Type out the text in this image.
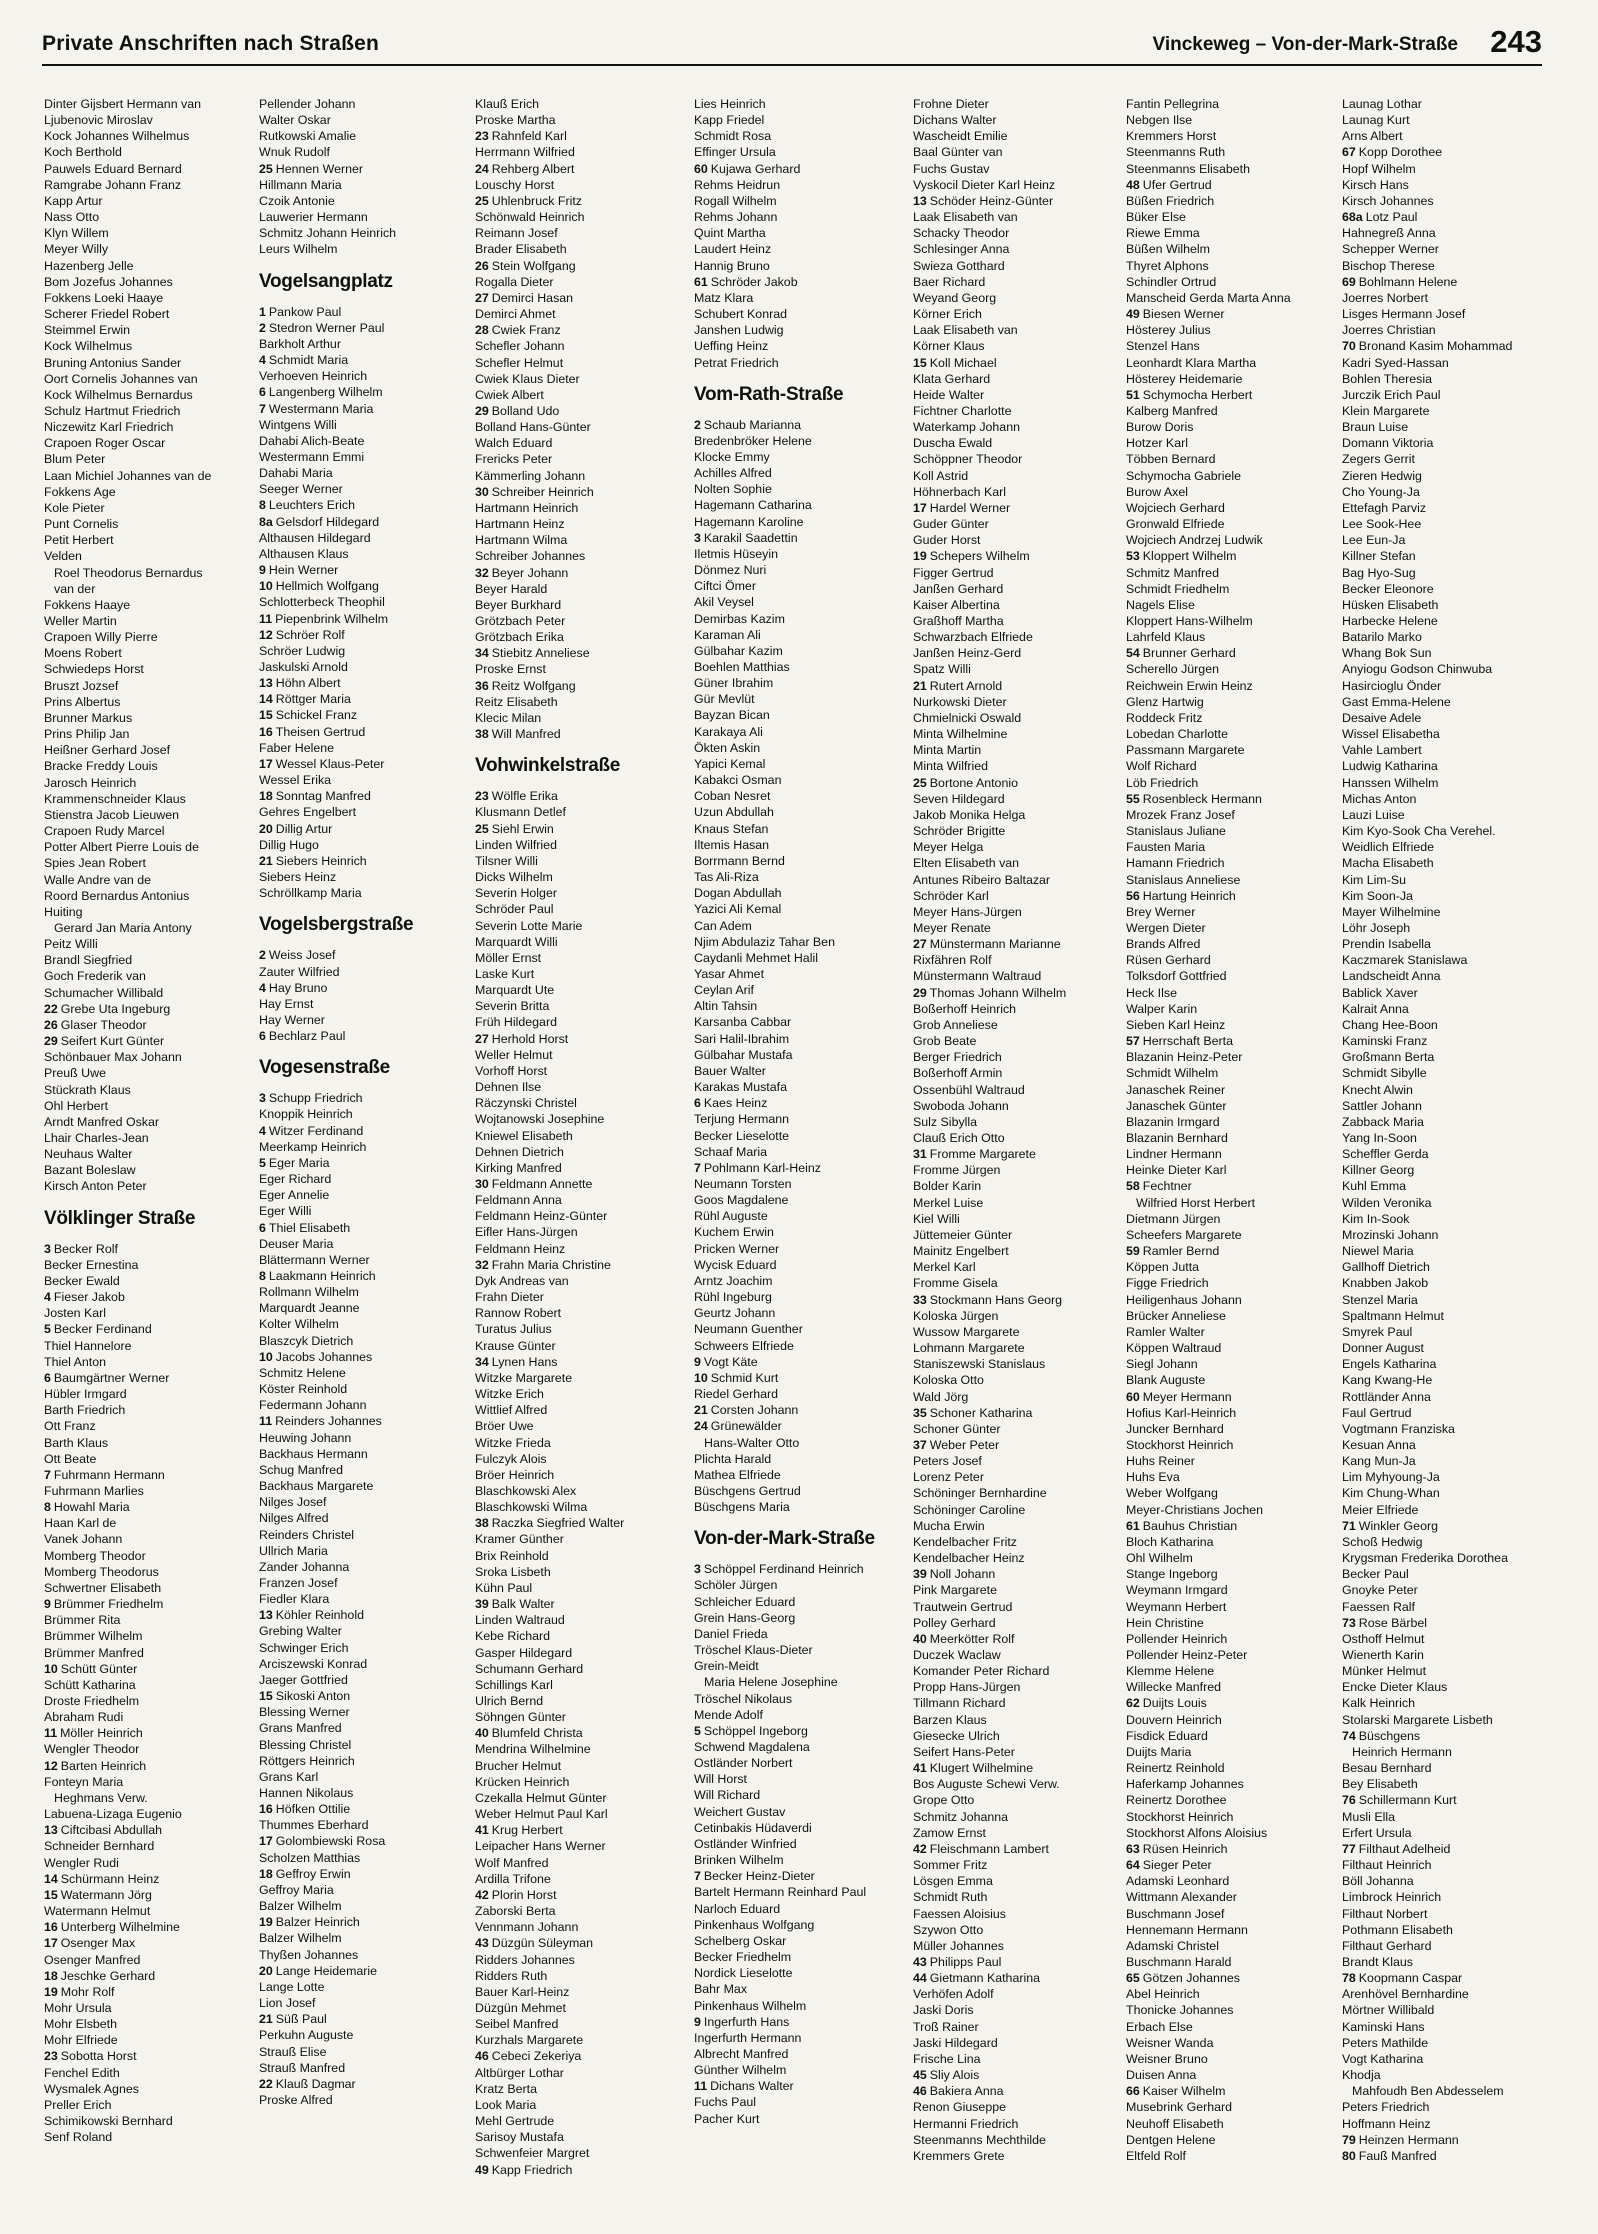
Private Anschriften nach Straßen	Vinckeweg – Von-der-Mark-Straße 243
Dinter Gijsbert Hermann van
Ljubenovic Miroslav
Kock Johannes Wilhelmus
Koch Berthold
Pauwels Eduard Bernard
Ramgrabe Johann Franz
Kapp Artur
Nass Otto
Klyn Willem
Meyer Willy
Hazenberg Jelle
Bom Jozefus Johannes
Fokkens Loeki Haaye
Scherer Friedel Robert
Steimmel Erwin
Kock Wilhelmus
Bruning Antonius Sander
Oort Cornelis Johannes van
Kock Wilhelmus Bernardus
Schulz Hartmut Friedrich
Niczewitz Karl Friedrich
Crapoen Roger Oscar
Blum Peter
Laan Michiel Johannes van de
Fokkens Age
Kole Pieter
Punt Cornelis
Petit Herbert
Velden
Roel Theodorus Bernardus
van der
Fokkens Haaye
Weller Martin
Crapoen Willy Pierre
Moens Robert
Schwiedeps Horst
Bruszt Jozsef
Prins Albertus
Brunner Markus
Prins Philip Jan
Heißner Gerhard Josef
Bracke Freddy Louis
Jarosch Heinrich
Krammenschneider Klaus
Stienstra Jacob Lieuwen
Crapoen Rudy Marcel
Potter Albert Pierre Louis de
Spies Jean Robert
Walle Andre van de
Roord Bernardus Antonius
Huiting
Gerard Jan Maria Antony
Peitz Willi
Brandl Siegfried
Goch Frederik van
Schumacher Willibald
22 Grebe Uta Ingeburg
26 Glaser Theodor
29 Seifert Kurt Günter
Schönbauer Max Johann
Preuß Uwe
Stückrath Klaus
Ohl Herbert
Arndt Manfred Oskar
Lhair Charles-Jean
Neuhaus Walter
Bazant Boleslaw
Kirsch Anton Peter
Völklinger Straße
3 Becker Rolf
Becker Ernestina
Becker Ewald
4 Fieser Jakob
Josten Karl
5 Becker Ferdinand
Thiel Hannelore
Thiel Anton
6 Baumgärtner Werner
Hübler Irmgard
Barth Friedrich
Ott Franz
Barth Klaus
Ott Beate
7 Fuhrmann Hermann
Fuhrmann Marlies
8 Howahl Maria
Haan Karl de
Vanek Johann
Momberg Theodor
Momberg Theodorus
Schwertner Elisabeth
9 Brümmer Friedhelm
Brümmer Rita
Brümmer Wilhelm
Brümmer Manfred
10 Schütt Günter
Schütt Katharina
Droste Friedhelm
Abraham Rudi
11 Möller Heinrich
Wengler Theodor
12 Barten Heinrich
Fonteyn Maria
Heghmans Verw.
Labuena-Lizaga Eugenio
13 Ciftcibasi Abdullah
Schneider Bernhard
Wengler Rudi
14 Schürmann Heinz
15 Watermann Jörg
Watermann Helmut
16 Unterberg Wilhelmine
17 Osenger Max
Osenger Manfred
18 Jeschke Gerhard
19 Mohr Rolf
Mohr Ursula
Mohr Elsbeth
Mohr Elfriede
23 Sobotta Horst
Fenchel Edith
Wysmalek Agnes
Preller Erich
Schimikowski Bernhard
Senf Roland
Pellender Johann
Walter Oskar
Rutkowski Amalie
Wnuk Rudolf
25 Hennen Werner
Hillmann Maria
Czoik Antonie
Lauwerier Hermann
Schmitz Johann Heinrich
Leurs Wilhelm
Vogelsangplatz
1 Pankow Paul
2 Stedron Werner Paul
Barkholt Arthur
4 Schmidt Maria
Verhoeven Heinrich
6 Langenberg Wilhelm
7 Westermann Maria
Wintgens Willi
Dahabi Alich-Beate
Westermann Emmi
Dahabi Maria
Seeger Werner
8 Leuchters Erich
8a Gelsdorf Hildegard
Althausen Hildegard
Althausen Klaus
9 Hein Werner
10 Hellmich Wolfgang
Schlotterbeck Theophil
11 Piepenbrink Wilhelm
12 Schröer Rolf
Schröer Ludwig
Jaskulski Arnold
13 Höhn Albert
14 Röttger Maria
15 Schickel Franz
16 Theisen Gertrud
Faber Helene
17 Wessel Klaus-Peter
Wessel Erika
18 Sonntag Manfred
Gehres Engelbert
20 Dillig Artur
Dillig Hugo
21 Siebers Heinrich
Siebers Heinz
Schröllkamp Maria
Vogelsbergstraße
2 Weiss Josef
Zauter Wilfried
4 Hay Bruno
Hay Ernst
Hay Werner
6 Bechlarz Paul
Vogesenstraße
3 Schupp Friedrich
Knoppik Heinrich
4 Witzer Ferdinand
Meerkamp Heinrich
5 Eger Maria
Eger Richard
Eger Annelie
Eger Willi
6 Thiel Elisabeth
Deuser Maria
Blättermann Werner
8 Laakmann Heinrich
Rollmann Wilhelm
Marquardt Jeanne
Kolter Wilhelm
Blaszcyk Dietrich
10 Jacobs Johannes
Schmitz Helene
Köster Reinhold
Federmann Johann
11 Reinders Johannes
Heuwing Johann
Backhaus Hermann
Schug Manfred
Backhaus Margarete
Nilges Josef
Nilges Alfred
Reinders Christel
Ullrich Maria
Zander Johanna
Franzen Josef
Fiedler Klara
13 Köhler Reinhold
Grebing Walter
Schwinger Erich
Arciszewski Konrad
Jaeger Gottfried
15 Sikoski Anton
Blessing Werner
Grans Manfred
Blessing Christel
Röttgers Heinrich
Grans Karl
Hannen Nikolaus
16 Höfken Ottilie
Thummes Eberhard
17 Golombiewski Rosa
Scholzen Matthias
18 Geffroy Erwin
Geffroy Maria
Balzer Wilhelm
19 Balzer Heinrich
Balzer Wilhelm
Thyßen Johannes
20 Lange Heidemarie
Lange Lotte
Lion Josef
21 Süß Paul
Perkuhn Auguste
Strauß Elise
Strauß Manfred
22 Klauß Dagmar
Proske Alfred
Klauß Erich
Proske Martha
23 Rahnfeld Karl
Herrmann Wilfried
24 Rehberg Albert
Louschy Horst
25 Uhlenbruck Fritz
Schönwald Heinrich
Reimann Josef
Brader Elisabeth
26 Stein Wolfgang
Rogalla Dieter
27 Demirci Hasan
Demirci Ahmet
28 Cwiek Franz
Schefler Johann
Schefler Helmut
Cwiek Klaus Dieter
Cwiek Albert
29 Bolland Udo
Bolland Hans-Günter
Walch Eduard
Frericks Peter
Kämmerling Johann
30 Schreiber Heinrich
Hartmann Heinrich
Hartmann Heinz
Hartmann Wilma
Schreiber Johannes
32 Beyer Johann
Beyer Harald
Beyer Burkhard
Grötzbach Peter
Grötzbach Erika
34 Stiebitz Anneliese
Proske Ernst
36 Reitz Wolfgang
Reitz Elisabeth
Klecic Milan
38 Will Manfred
Vohwinkelstraße
23 Wölfle Erika
Klusmann Detlef
25 Siehl Erwin
Linden Wilfried
Tilsner Willi
Dicks Wilhelm
Severin Holger
Schröder Paul
Severin Lotte Marie
Marquardt Willi
Möller Ernst
Laske Kurt
Marquardt Ute
Severin Britta
Früh Hildegard
27 Herhold Horst
Weller Helmut
Vorhoff Horst
Dehnen Ilse
Räczynski Christel
Wojtanowski Josephine
Kniewel Elisabeth
Dehnen Dietrich
Kirking Manfred
30 Feldmann Annette
Feldmann Anna
Feldmann Heinz-Günter
Eifler Hans-Jürgen
Feldmann Heinz
32 Frahn Maria Christine
Dyk Andreas van
Frahn Dieter
Rannow Robert
Turatus Julius
Krause Günter
34 Lynen Hans
Witzke Margarete
Witzke Erich
Wittlief Alfred
Bröer Uwe
Witzke Frieda
Fulczyk Alois
Bröer Heinrich
Blaschkowski Alex
Blaschkowski Wilma
38 Raczka Siegfried Walter
Kramer Günther
Brix Reinhold
Sroka Lisbeth
Kühn Paul
39 Balk Walter
Linden Waltraud
Kebe Richard
Gasper Hildegard
Schumann Gerhard
Schillings Karl
Ulrich Bernd
Söhngen Günter
40 Blumfeld Christa
Mendrina Wilhelmine
Brucher Helmut
Krücken Heinrich
Czekalla Helmut Günter
Weber Helmut Paul Karl
41 Krug Herbert
Leipacher Hans Werner
Wolf Manfred
Ardilla Trifone
42 Plorin Horst
Zaborski Berta
Vennmann Johann
43 Düzgün Süleyman
Ridders Johannes
Ridders Ruth
Bauer Karl-Heinz
Düzgün Mehmet
Seibel Manfred
Kurzhals Margarete
46 Cebeci Zekeriya
Altbürger Lothar
Kratz Berta
Look Maria
Mehl Gertrude
Sarisoy Mustafa
Schwenfeier Margret
49 Kapp Friedrich
Lies Heinrich
Kapp Friedel
Schmidt Rosa
Effinger Ursula
60 Kujawa Gerhard
Rehms Heidrun
Rogall Wilhelm
Rehms Johann
Quint Martha
Laudert Heinz
Hannig Bruno
61 Schröder Jakob
Matz Klara
Schubert Konrad
Janshen Ludwig
Ueffing Heinz
Petrat Friedrich
Vom-Rath-Straße
2 Schaub Marianna
Bredenbröker Helene
Klocke Emmy
Achilles Alfred
Nolten Sophie
Hagemann Catharina
Hagemann Karoline
3 Karakil Saadettin
Iletmis Hüseyin
Dönmez Nuri
Ciftci Ömer
Akil Veysel
Demirbas Kazim
Karaman Ali
Gülbahar Kazim
Boehlen Matthias
Güner Ibrahim
Gür Mevlüt
Bayzan Bican
Karakaya Ali
Ökten Askin
Yapici Kemal
Kabakci Osman
Coban Nesret
Uzun Abdullah
Knaus Stefan
Iltemis Hasan
Borrmann Bernd
Tas Ali-Riza
Dogan Abdullah
Yazici Ali Kemal
Can Adem
Njim Abdulaziz Tahar Ben
Caydanli Mehmet Halil
Yasar Ahmet
Ceylan Arif
Altin Tahsin
Karsanba Cabbar
Sari Halil-Ibrahim
Gülbahar Mustafa
Bauer Walter
Karakas Mustafa
6 Kaes Heinz
Terjung Hermann
Becker Lieselotte
Schaaf Maria
7 Pohlmann Karl-Heinz
Neumann Torsten
Goos Magdalene
Rühl Auguste
Kuchem Erwin
Pricken Werner
Wycisk Eduard
Arntz Joachim
Rühl Ingeburg
Geurtz Johann
Neumann Guenther
Schweers Elfriede
9 Vogt Käte
10 Schmid Kurt
Riedel Gerhard
21 Corsten Johann
24 Grünewälder
Hans-Walter Otto
Plichta Harald
Mathea Elfriede
Büschgens Gertrud
Büschgens Maria
Von-der-Mark-Straße
3 Schöppel Ferdinand Heinrich
Schöler Jürgen
Schleicher Eduard
Grein Hans-Georg
Daniel Frieda
Tröschel Klaus-Dieter
Grein-Meidt
Maria Helene Josephine
Tröschel Nikolaus
Mende Adolf
5 Schöppel Ingeborg
Schwend Magdalena
Ostländer Norbert
Will Horst
Will Richard
Weichert Gustav
Cetinbakis Hüdaverdi
Ostländer Winfried
Brinken Wilhelm
7 Becker Heinz-Dieter
Bartelt Hermann Reinhard Paul
Narloch Eduard
Pinkenhaus Wolfgang
Schelberg Oskar
Becker Friedhelm
Nordick Lieselotte
Bahr Max
Pinkenhaus Wilhelm
9 Ingerfurth Hans
Ingerfurth Hermann
Albrecht Manfred
Günther Wilhelm
11 Dichans Walter
Fuchs Paul
Pacher Kurt
Frohne Dieter
Dichans Walter
Wascheidt Emilie
Baal Günter van
Fuchs Gustav
Vyskocil Dieter Karl Heinz
13 Schöder Heinz-Günter
Laak Elisabeth van
Schacky Theodor
Schlesinger Anna
Swieza Gotthard
Baer Richard
Weyand Georg
Körner Erich
Laak Elisabeth van
Körner Klaus
15 Koll Michael
Klata Gerhard
Heide Walter
Fichtner Charlotte
Waterkamp Johann
Duscha Ewald
Schöppner Theodor
Koll Astrid
Höhnerbach Karl
17 Hardel Werner
Guder Günter
Guder Horst
19 Schepers Wilhelm
Figger Gertrud
Janßen Gerhard
Kaiser Albertina
Graßhoff Martha
Schwarzbach Elfriede
Janßen Heinz-Gerd
Spatz Willi
21 Rutert Arnold
Nurkowski Dieter
Chmielnicki Oswald
Minta Wilhelmine
Minta Martin
Minta Wilfried
25 Bortone Antonio
Seven Hildegard
Jakob Monika Helga
Schröder Brigitte
Meyer Helga
Elten Elisabeth van
Antunes Ribeiro Baltazar
Schröder Karl
Meyer Hans-Jürgen
Meyer Renate
27 Münstermann Marianne
Rixfähren Rolf
Münstermann Waltraud
29 Thomas Johann Wilhelm
Boßerhoff Heinrich
Grob Anneliese
Grob Beate
Berger Friedrich
Boßerhoff Armin
Ossenbühl Waltraud
Swoboda Johann
Sulz Sibylla
Clauß Erich Otto
31 Fromme Margarete
Fromme Jürgen
Bolder Karin
Merkel Luise
Kiel Willi
Jüttemeier Günter
Mainitz Engelbert
Merkel Karl
Fromme Gisela
33 Stockmann Hans Georg
Koloska Jürgen
Wussow Margarete
Lohmann Margarete
Staniszewski Stanislaus
Koloska Otto
Wald Jörg
35 Schoner Katharina
Schoner Günter
37 Weber Peter
Peters Josef
Lorenz Peter
Schöninger Bernhardine
Schöninger Caroline
Mucha Erwin
Kendelbacher Fritz
Kendelbacher Heinz
39 Noll Johann
Pink Margarete
Trautwein Gertrud
Polley Gerhard
40 Meerkötter Rolf
Duczek Waclaw
Komander Peter Richard
Propp Hans-Jürgen
Tillmann Richard
Barzen Klaus
Giesecke Ulrich
Seifert Hans-Peter
41 Klugert Wilhelmine
Bos Auguste Schewi Verw.
Grope Otto
Schmitz Johanna
Zamow Ernst
42 Fleischmann Lambert
Sommer Fritz
Lösgen Emma
Schmidt Ruth
Faessen Aloisius
Szywon Otto
Müller Johannes
43 Philipps Paul
44 Gietmann Katharina
Verhöfen Adolf
Jaski Doris
Troß Rainer
Jaski Hildegard
Frische Lina
45 Sliy Alois
46 Bakiera Anna
Renon Giuseppe
Hermanni Friedrich
Steenmanns Mechthilde
Kremmers Grete
Fantin Pellegrina
Nebgen Ilse
Kremmers Horst
Steenmanns Ruth
Steenmanns Elisabeth
48 Ufer Gertrud
Büßen Friedrich
Büker Else
Riewe Emma
Büßen Wilhelm
Thyret Alphons
Schindler Ortrud
Manscheid Gerda Marta Anna
49 Biesen Werner
Hösterey Julius
Stenzel Hans
Leonhardt Klara Martha
Hösterey Heidemarie
51 Schymocha Herbert
Kalberg Manfred
Burow Doris
Hotzer Karl
Többen Bernard
Schymocha Gabriele
Burow Axel
Wojciech Gerhard
Gronwald Elfriede
Wojciech Andrzej Ludwik
53 Kloppert Wilhelm
Schmitz Manfred
Schmidt Friedhelm
Nagels Elise
Kloppert Hans-Wilhelm
Lahrfeld Klaus
54 Brunner Gerhard
Scherello Jürgen
Reichwein Erwin Heinz
Glenz Hartwig
Roddeck Fritz
Lobedan Charlotte
Passmann Margarete
Wolf Richard
Löb Friedrich
55 Rosenbleck Hermann
Mrozek Franz Josef
Stanislaus Juliane
Fausten Maria
Hamann Friedrich
Stanislaus Anneliese
56 Hartung Heinrich
Brey Werner
Wergen Dieter
Brands Alfred
Rüsen Gerhard
Tolksdorf Gottfried
Heck Ilse
Walper Karin
Sieben Karl Heinz
57 Herrschaft Berta
Blazanin Heinz-Peter
Schmidt Wilhelm
Janaschek Reiner
Janaschek Günter
Blazanin Irmgard
Blazanin Bernhard
Lindner Hermann
Heinke Dieter Karl
58 Fechtner
Wilfried Horst Herbert
Dietmann Jürgen
Scheefers Margarete
59 Ramler Bernd
Köppen Jutta
Figge Friedrich
Heiligenhaus Johann
Brücker Anneliese
Ramler Walter
Köppen Waltraud
Siegl Johann
Blank Auguste
60 Meyer Hermann
Hofius Karl-Heinrich
Juncker Bernhard
Stockhorst Heinrich
Huhs Reiner
Huhs Eva
Weber Wolfgang
Meyer-Christians Jochen
61 Bauhus Christian
Bloch Katharina
Ohl Wilhelm
Stange Ingeborg
Weymann Irmgard
Weymann Herbert
Hein Christine
Pollender Heinrich
Pollender Heinz-Peter
Klemme Helene
Willecke Manfred
62 Duijts Louis
Douvern Heinrich
Fisdick Eduard
Duijts Maria
Reinertz Reinhold
Haferkamp Johannes
Reinertz Dorothee
Stockhorst Heinrich
Stockhorst Alfons Aloisius
63 Rüsen Heinrich
64 Sieger Peter
Adamski Leonhard
Wittmann Alexander
Buschmann Josef
Hennemann Hermann
Adamski Christel
Buschmann Harald
65 Götzen Johannes
Abel Heinrich
Thonicke Johannes
Erbach Else
Weisner Wanda
Weisner Bruno
Duisen Anna
66 Kaiser Wilhelm
Musebrink Gerhard
Neuhoff Elisabeth
Dentgen Helene
Eltfeld Rolf
Launag Lothar
Launag Kurt
Arns Albert
67 Kopp Dorothee
Hopf Wilhelm
Kirsch Hans
Kirsch Johannes
68a Lotz Paul
Hahnegreß Anna
Schepper Werner
Bischop Therese
69 Bohlmann Helene
Joerres Norbert
Lisges Hermann Josef
Joerres Christian
70 Bronand Kasim Mohammad
Kadri Syed-Hassan
Bohlen Theresia
Jurczik Erich Paul
Klein Margarete
Braun Luise
Domann Viktoria
Zegers Gerrit
Zieren Hedwig
Cho Young-Ja
Ettefagh Parviz
Lee Sook-Hee
Lee Eun-Ja
Killner Stefan
Bag Hyo-Sug
Becker Eleonore
Hüsken Elisabeth
Harbecke Helene
Batarilo Marko
Whang Bok Sun
Anyiogu Godson Chinwuba
Hasircioglu Önder
Gast Emma-Helene
Desaive Adele
Wissel Elisabetha
Vahle Lambert
Ludwig Katharina
Hanssen Wilhelm
Michas Anton
Lauzi Luise
Kim Kyo-Sook Cha Verehel.
Weidlich Elfriede
Macha Elisabeth
Kim Lim-Su
Kim Soon-Ja
Mayer Wilhelmine
Löhr Joseph
Prendin Isabella
Kaczmarek Stanislawa
Landscheidt Anna
Bablick Xaver
Kalrait Anna
Chang Hee-Boon
Kaminski Franz
Großmann Berta
Schmidt Sibylle
Knecht Alwin
Sattler Johann
Zabback Maria
Yang In-Soon
Scheffler Gerda
Killner Georg
Kuhl Emma
Wilden Veronika
Kim In-Sook
Mrozinski Johann
Niewel Maria
Gallhoff Dietrich
Knabben Jakob
Stenzel Maria
Spaltmann Helmut
Smyrek Paul
Donner August
Engels Katharina
Kang Kwang-He
Rottländer Anna
Faul Gertrud
Vogtmann Franziska
Kesuan Anna
Kang Mun-Ja
Lim Myhyoung-Ja
Kim Chung-Whan
Meier Elfriede
71 Winkler Georg
Schoß Hedwig
Krygsman Frederika Dorothea
Becker Paul
Gnoyke Peter
Faessen Ralf
73 Rose Bärbel
Osthoff Helmut
Wienerth Karin
Münker Helmut
Encke Dieter Klaus
Kalk Heinrich
Stolarski Margarete Lisbeth
74 Büschgens
Heinrich Hermann
Besau Bernhard
Bey Elisabeth
76 Schillermann Kurt
Musli Ella
Erfert Ursula
77 Filthaut Adelheid
Filthaut Heinrich
Böll Johanna
Limbrock Heinrich
Filthaut Norbert
Pothmann Elisabeth
Filthaut Gerhard
Brandt Klaus
78 Koopmann Caspar
Arenhövel Bernhardine
Mörtner Willibald
Kaminski Hans
Peters Mathilde
Vogt Katharina
Khodja
Mahfoudh Ben Abdesselem
Peters Friedrich
Hoffmann Heinz
79 Heinzen Hermann
80 Fauß Manfred
